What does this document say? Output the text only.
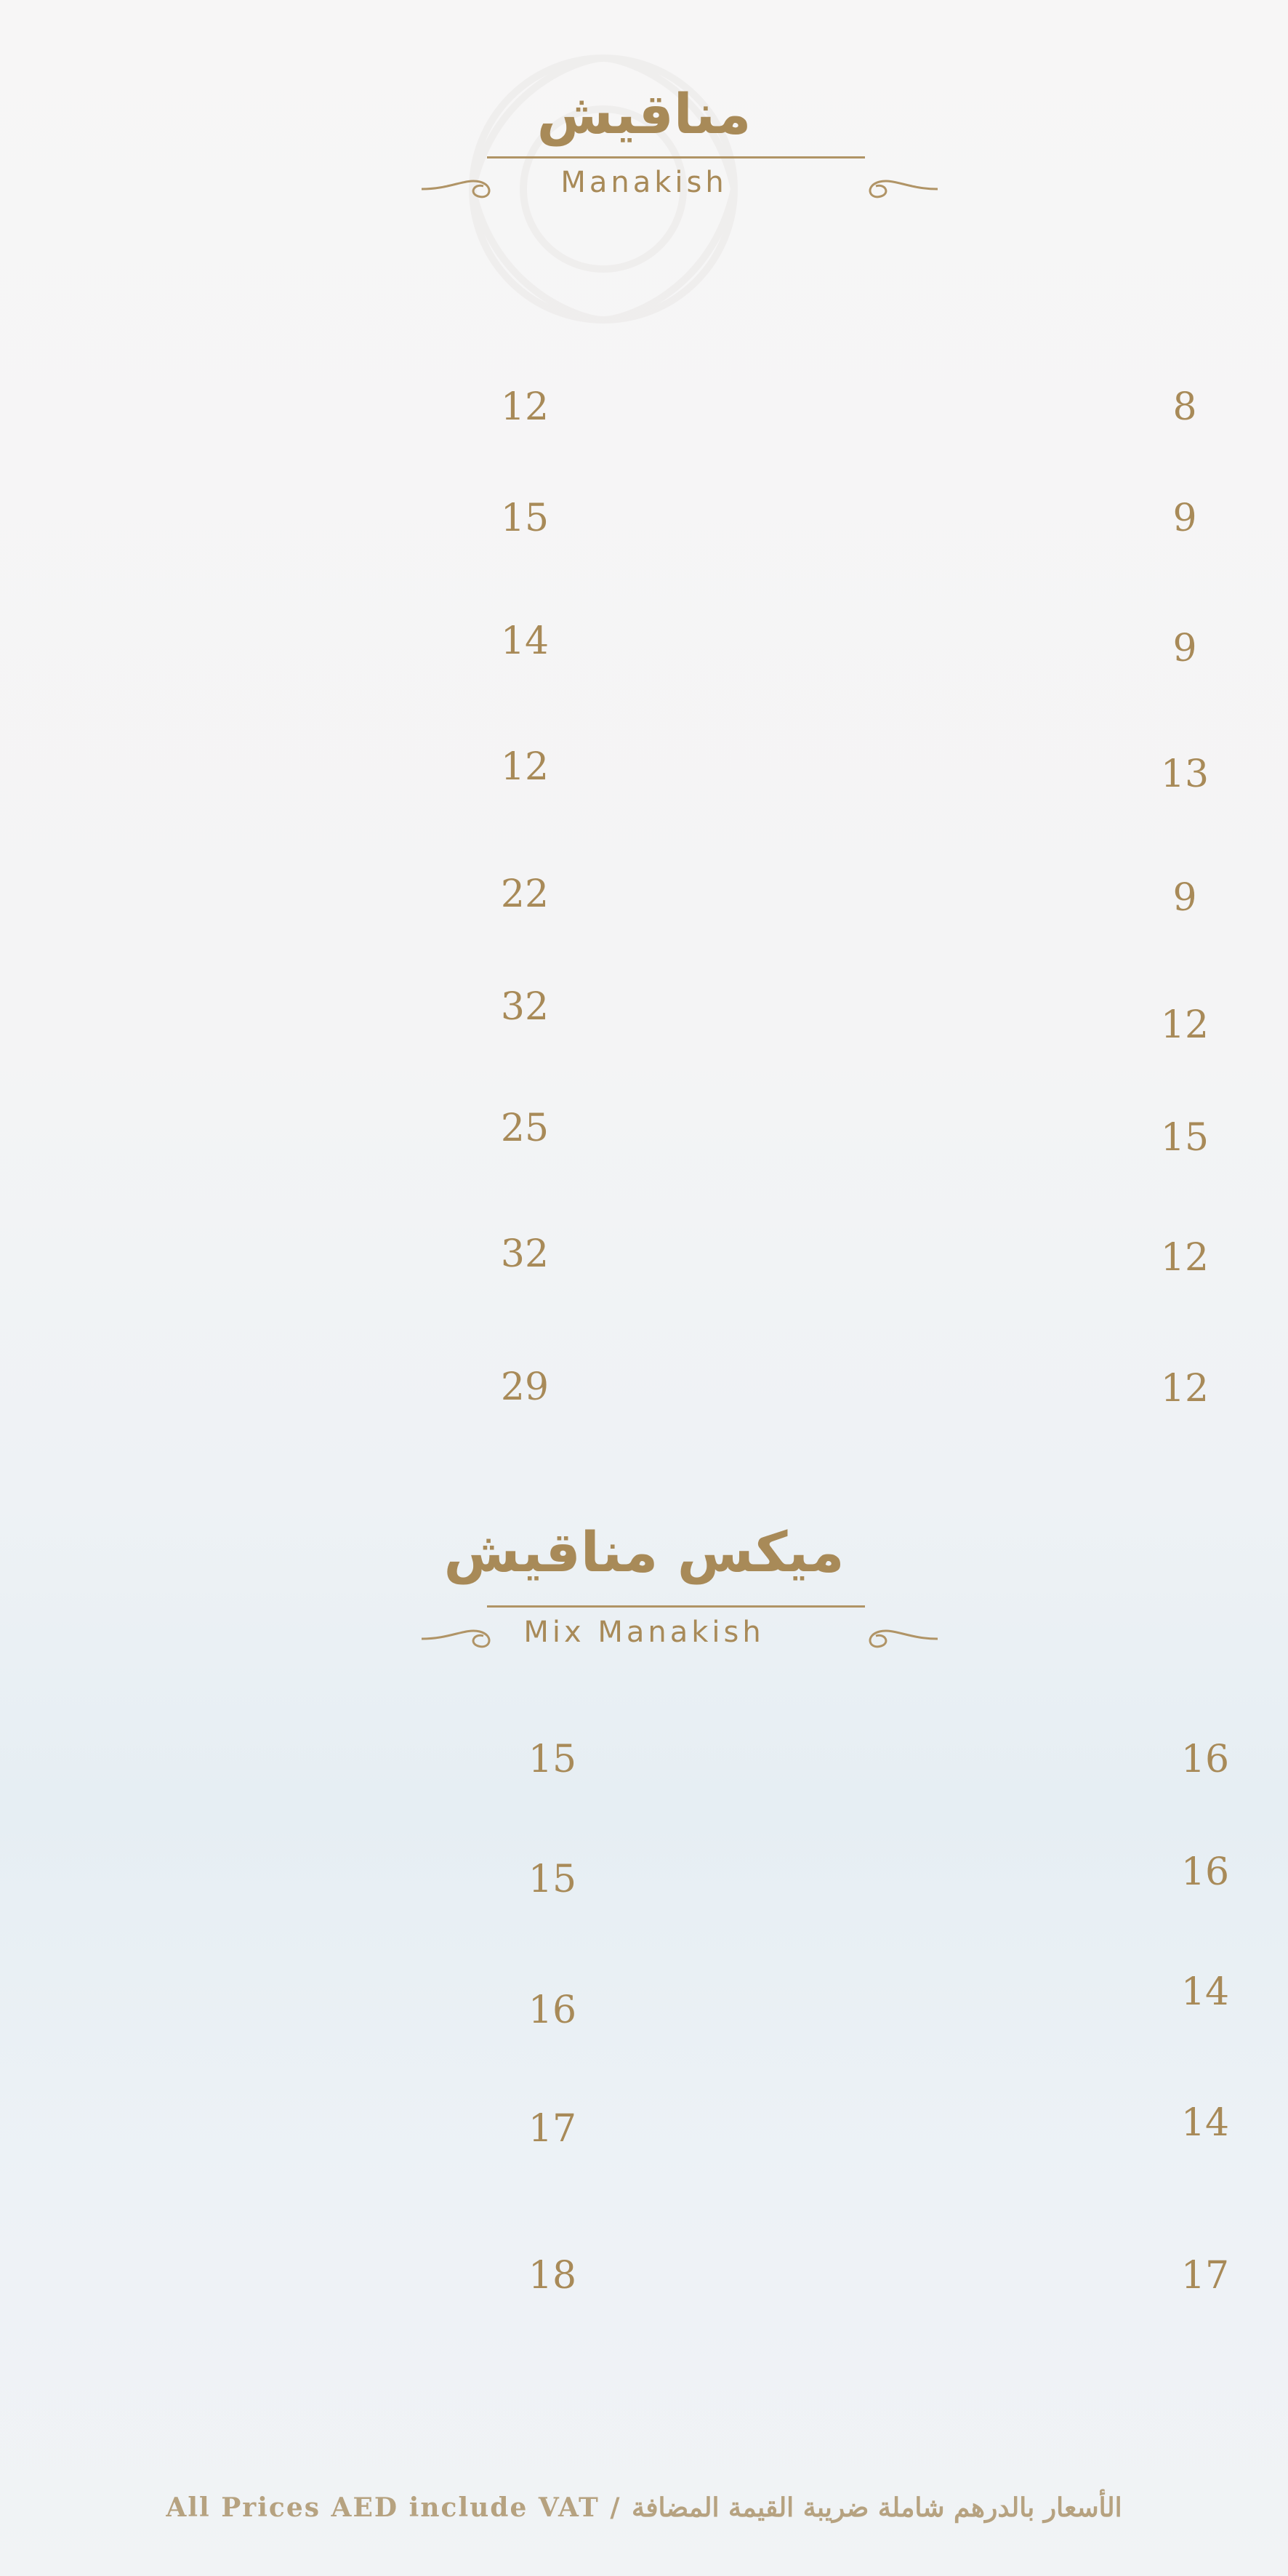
مناقيش
Manakish
12
15
14
12
22
32
25
32
29
8
9
9
13
9
12
15
12
12
ميكس مناقيش
Mix Manakish
15
15
16
17
18
16
16
14
14
17
All Prices AED include VAT / الأسعار بالدرهم شاملة ضريبة القيمة المضافة
